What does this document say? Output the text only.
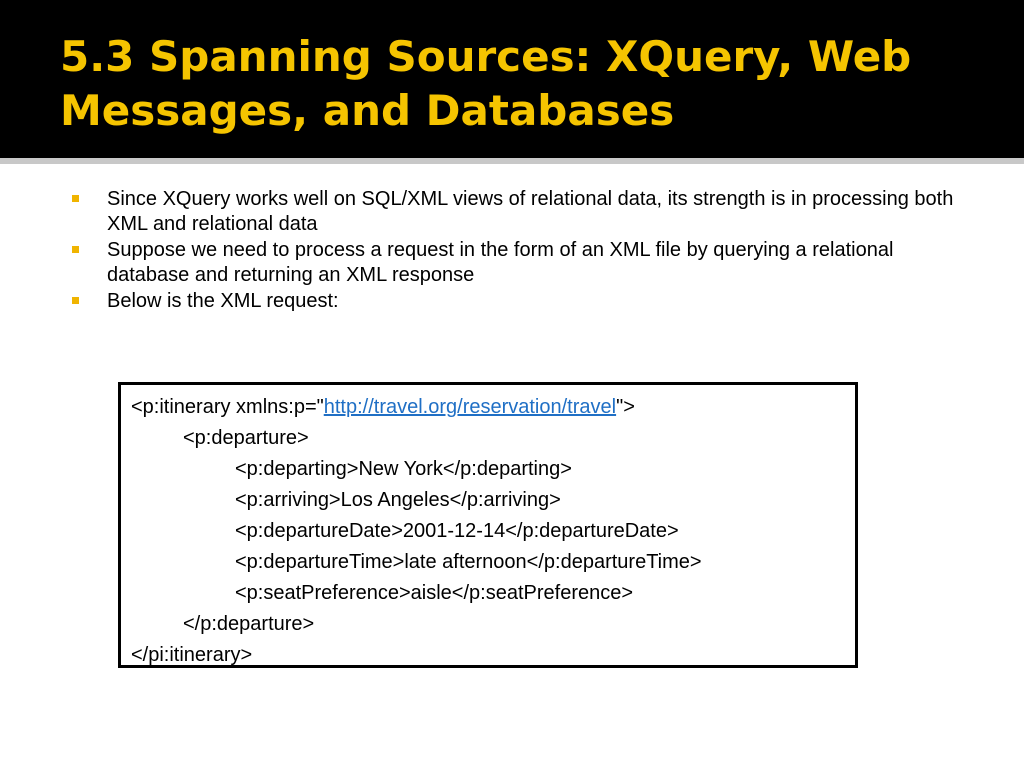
5.3 Spanning Sources: XQuery, Web Messages, and Databases
Since XQuery works well on SQL/XML views of relational data, its strength is in processing both XML and relational data
Suppose we need to process a request in the form of an XML file by querying a relational database and returning an XML response
Below is the XML request:
<p:itinerary xmlns:p="http://travel.org/reservation/travel">
<p:departure>
<p:departing>New York</p:departing>
<p:arriving>Los Angeles</p:arriving>
<p:departureDate>2001-12-14</p:departureDate>
<p:departureTime>late afternoon</p:departureTime>
<p:seatPreference>aisle</p:seatPreference>
</p:departure>
</pi:itinerary>
